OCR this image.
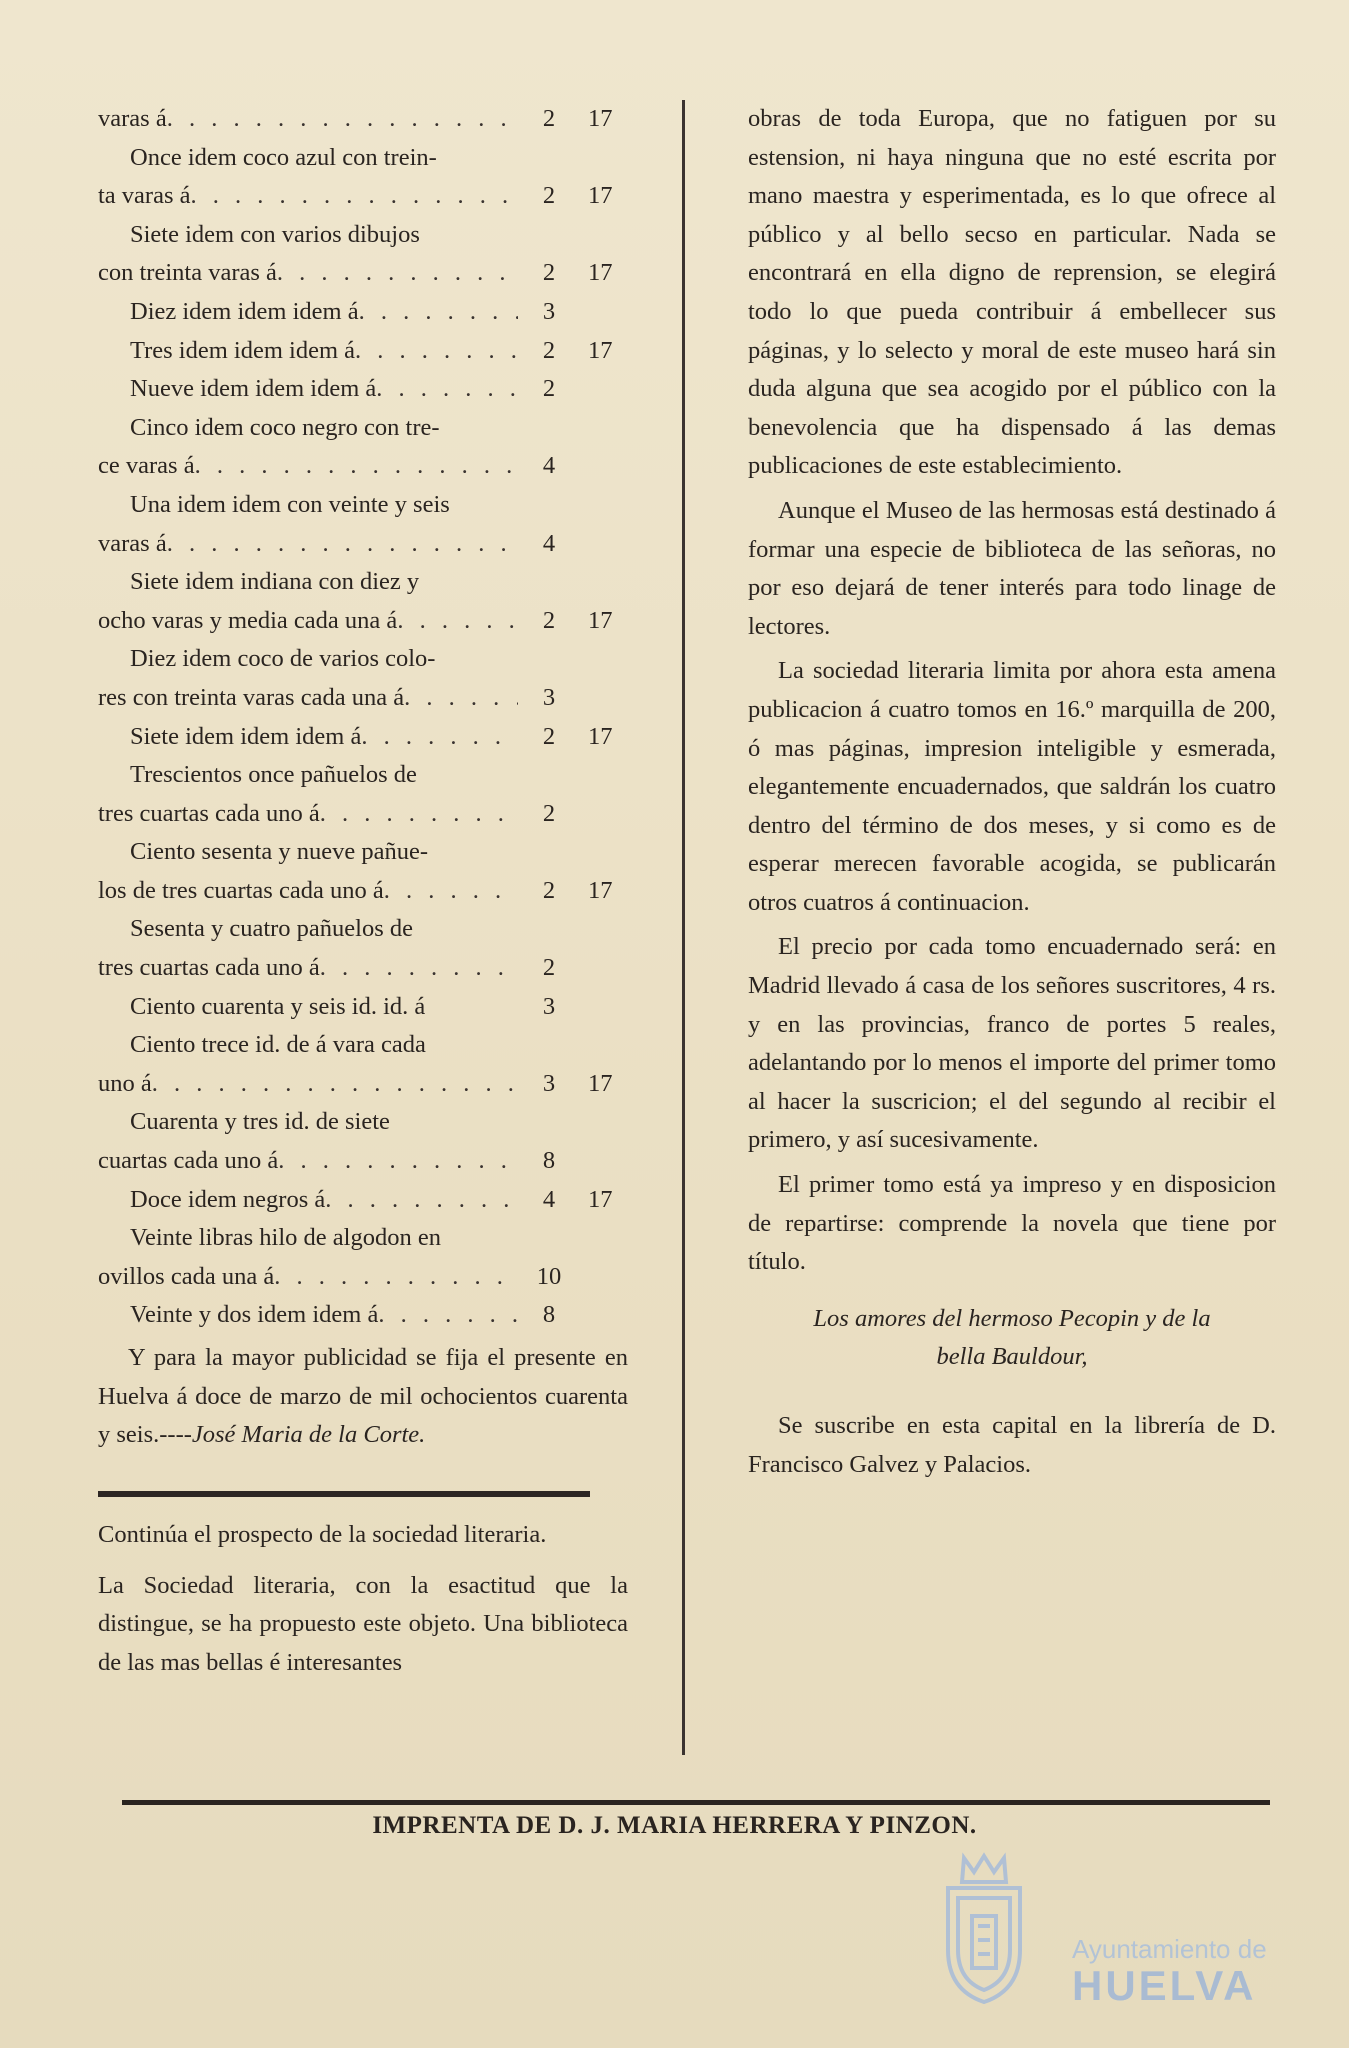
varas á . . .	2	17
Once idem coco azul con trein-
ta varas á . . .	2	17
Siete idem con varios dibujos
con treinta varas á . . .	2	17
Diez idem idem idem á . . .	3
Tres idem idem idem á . . .	2	17
Nueve idem idem idem á . . .	2
Cinco idem coco negro con tre-
ce varas á . . .	4
Una idem idem con veinte y seis
varas á . . .	4
Siete idem indiana con diez y
ocho varas y media cada una á . . .	2	17
Diez idem coco de varios colo-
res con treinta varas cada una á . . .	3
Siete idem idem idem á . . .	2	17
Trescientos once pañuelos de
tres cuartas cada uno á . . .	2
Ciento sesenta y nueve pañue-
los de tres cuartas cada uno á . . .	2	17
Sesenta y cuatro pañuelos de
tres cuartas cada uno á . . .	2
Ciento cuarenta y seis id. id. á	3
Ciento trece id. de á vara cada
uno á . . .	3	17
Cuarenta y tres id. de siete
cuartas cada uno á . . .	8
Doce idem negros á . . .	4	17
Veinte libras hilo de algodon en
ovillos cada una á . . .	10
Veinte y dos idem idem á . . .	8

Y para la mayor publicidad se fija el presente en Huelva á doce de marzo de mil ochocientos cuarenta y seis.----José Maria de la Corte.

Continúa el prospecto de la sociedad literaria.

La Sociedad literaria, con la esactitud que la distingue, se ha propuesto este objeto. Una biblioteca de las mas bellas é interesantes

obras de toda Europa, que no fatiguen por su estension, ni haya ninguna que no esté escrita por mano maestra y esperimentada, es lo que ofrece al público y al bello secso en particular. Nada se encontrará en ella digno de reprension, se elegirá todo lo que pueda contribuir á embellecer sus páginas, y lo selecto y moral de este museo hará sin duda alguna que sea acogido por el público con la benevolencia que ha dispensado á las demas publicaciones de este establecimiento.

Aunque el Museo de las hermosas está destinado á formar una especie de biblioteca de las señoras, no por eso dejará de tener interés para todo linage de lectores.

La sociedad literaria limita por ahora esta amena publicacion á cuatro tomos en 16.º marquilla de 200, ó mas páginas, impresion inteligible y esmerada, elegantemente encuadernados, que saldrán los cuatro dentro del término de dos meses, y si como es de esperar merecen favorable acogida, se publicarán otros cuatros á continuacion.

El precio por cada tomo encuadernado será: en Madrid llevado á casa de los señores suscritores, 4 rs. y en las provincias, franco de portes 5 reales, adelantando por lo menos el importe del primer tomo al hacer la suscricion; el del segundo al recibir el primero, y así sucesivamente.

El primer tomo está ya impreso y en disposicion de repartirse: comprende la novela que tiene por título.

Los amores del hermoso Pecopin y de la
bella Bauldour,

Se suscribe en esta capital en la librería de D. Francisco Galvez y Palacios.

IMPRENTA DE D. J. MARIA HERRERA Y PINZON.
Ayuntamiento de
HUELVA
